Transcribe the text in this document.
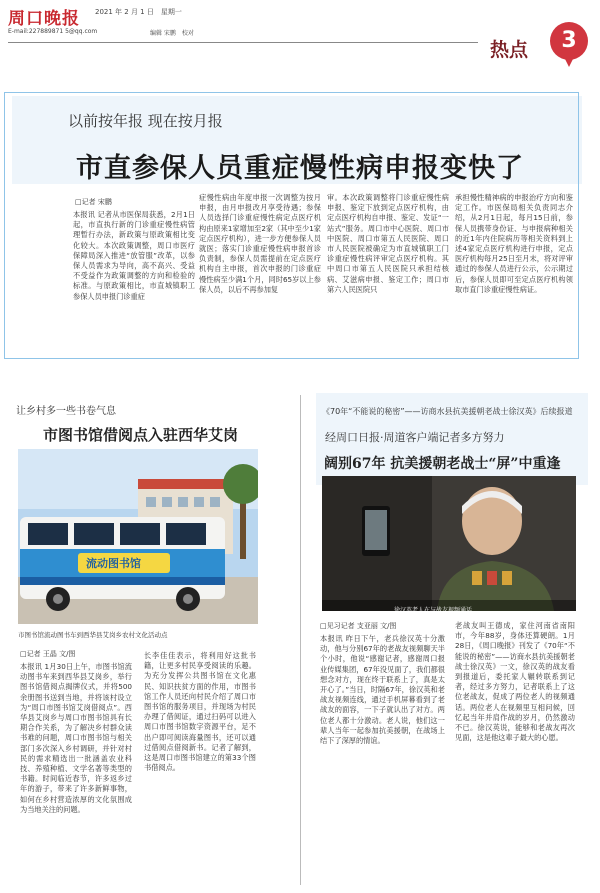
周口晚报 2021 年 2 月 1 日　星期一
E-mail:227889871 5@qq.com	编辑 宋鹏　校对
热点	3
以前按年报 现在按月报
市直参保人员重症慢性病申报变快了
□记者 宋鹏
本报讯 记者从市医保局获悉，2月1日起，市直执行新的门诊重症慢性病管理暂行办法，新政策与原政策相比变化较大。本次政策调整，周口市医疗保障局深入推进“放管服”改革，以参保人员需求为导向，高不高兴、受益不受益作为政策调整的方向和检验的标准。与原政策相比，市直城镇职工参保人员申报门诊重症
症慢性病由年度申报一次调整为按月申报，由月申报改月享受待遇；参保人员选择门诊重症慢性病定点医疗机构由原来1家增加至2家（其中至少1家定点医疗机构），进一步方便参保人员就医；落实门诊重症慢性病申报首诊负责制，参保人员需提前在定点医疗机构自主申报，首次申报的门诊重症慢性病至少满1个月，同时65岁以上参保人员，以后不再参加复
审。本次政策调整将门诊重症慢性病申报、鉴定下放到定点医疗机构，由定点医疗机构自申报、鉴定、发证“一站式”服务。周口市中心医院、周口市中医院、周口市第五人民医院、周口市人民医院被确定为市直城镇职工门诊重症慢性病评审定点医疗机构。其中周口市第五人民医院只承担结核病、艾滋病申报、鉴定工作；周口市第六人民医院只
承担慢性精神病的申报治疗方向和鉴定工作。市医保局相关负责同志介绍，从2月1日起，每月15日前，参保人员携带身份证、与申报病种相关的近1年内住院病历等相关资料到上述4家定点医疗机构进行申报，定点医疗机构每月25日至月末，将对评审通过的参保人员进行公示，公示期过后，参保人员即可至定点医疗机构领取市直门诊重症慢性病证。
让乡村多一些书卷气息
市图书馆借阅点入驻西华艾岗
流动图书馆
市图书馆流动图书车到西华县艾岗乡农村文化活动点
□记者 王晶 文/图
本报讯 1月30日上午，市图书馆流动图书车来到西华县艾岗乡，举行图书馆借阅点揭牌仪式，并将500余册图书送到当地，并将该村设立为“周口市图书馆艾岗借阅点”。西华县艾岗乡与周口市图书馆具有长期合作关系，为了解决乡村群众读书难的问题，周口市图书馆与相关部门多次深入乡村调研，并针对村民的需求精选出一批涵盖农业科技、养殖种植、文学名著等类型的书籍。时间临近春节，许多返乡过年的游子，带来了许多新鲜事物，如何在乡村营造浓厚的文化氛围成为当地关注的问题。
长李佳佳表示，将利用好这批书籍，让更多村民享受阅读的乐趣。为充分发挥公共图书馆在文化惠民、知识扶贫方面的作用，市图书馆工作人员还向村民介绍了周口市图书馆的服务项目，并现场为村民办理了借阅证，通过扫码可以进入周口市图书馆数字资源平台，足不出户即可阅读海量图书，还可以通过借阅点借阅新书。记者了解到，这是周口市图书馆建立的第33个图书借阅点。
《70年“不能说的秘密”——访商水县抗美援朝老战士徐汉英》后续报道
经周口日报·周道客户端记者多方努力
阔别67年 抗美援朝老战士“屏”中重逢
徐汉英老人在与战友视频通话
□见习记者 支亚丽 文/图
本报讯 昨日下午，老兵徐汉英十分激动，他与分别67年的老战友视频聊天半个小时，他说“感谢记者，感谢周口报业传媒集团，67年没见面了，我们都很想念对方，现在终于联系上了，真是太开心了。”当日，时隔67年，徐汉英和老战友视频连线，通过手机屏幕看到了老战友的面容，一下子就认出了对方。两位老人都十分激动。老人说，他们这一辈人当年一起参加抗美援朝，在战场上结下了深厚的情谊。
老战友叫王德成，家住河南省南阳市，今年88岁，身体还算硬朗。1月28日，《周口晚报》刊发了《70年“不能说的秘密”——访商水县抗美援朝老战士徐汉英》一文，徐汉英的战友看到报道后，委托家人辗转联系到记者，经过多方努力，记者联系上了这位老战友，促成了两位老人的视频通话。两位老人在视频里互相问候，回忆起当年并肩作战的岁月，仍然激动不已。徐汉英说，能够和老战友再次见面，这是他这辈子最大的心愿。
